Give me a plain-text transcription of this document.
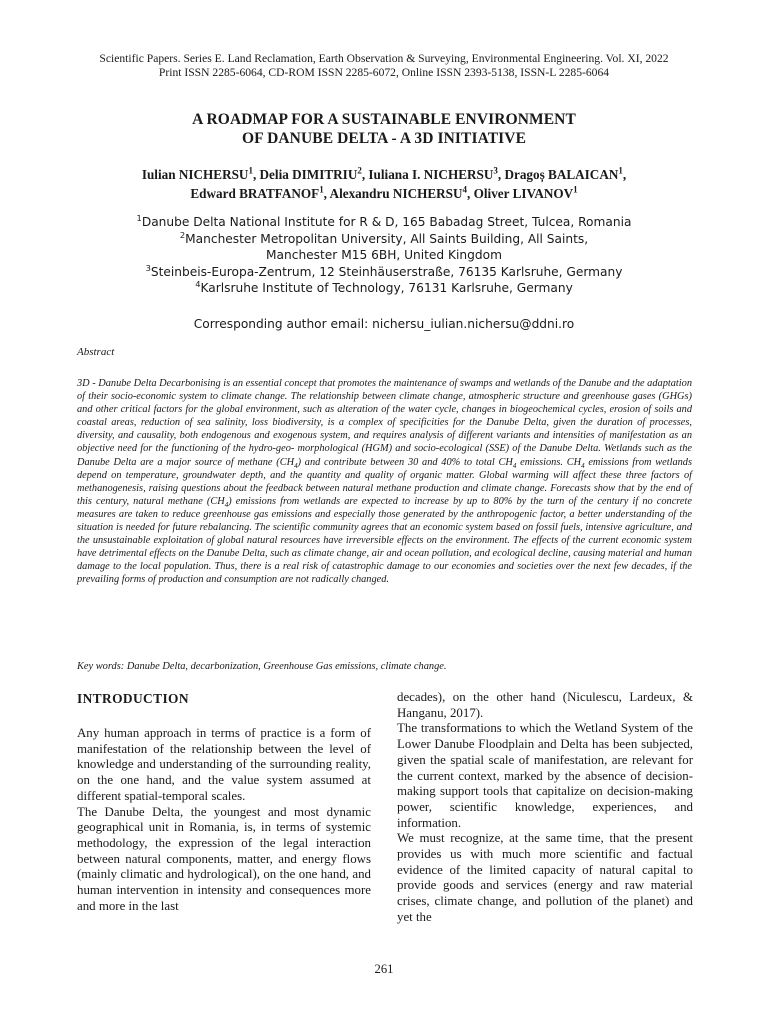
Scientific Papers. Series E. Land Reclamation, Earth Observation & Surveying, Environmental Engineering. Vol. XI, 2022
Print ISSN 2285-6064, CD-ROM ISSN 2285-6072, Online ISSN 2393-5138, ISSN-L 2285-6064
A ROADMAP FOR A SUSTAINABLE ENVIRONMENT
OF DANUBE DELTA - A 3D INITIATIVE
Iulian NICHERSU$^1$, Delia DIMITRIU$^2$, Iuliana I. NICHERSU$^3$, Dragoș BALAICAN$^1$,
Edward BRATFANOF$^1$, Alexandru NICHERSU$^4$, Oliver LIVANOV$^1$
$^1$Danube Delta National Institute for R & D, 165 Babadag Street, Tulcea, Romania
$^2$Manchester Metropolitan University, All Saints Building, All Saints,
Manchester M15 6BH, United Kingdom
$^3$Steinbeis-Europa-Zentrum, 12 Steinhäuserstraße, 76135 Karlsruhe, Germany
$^4$Karlsruhe Institute of Technology, 76131 Karlsruhe, Germany
Corresponding author email: nichersu_iulian.nichersu@ddni.ro
Abstract

3D - Danube Delta Decarbonising is an essential concept that promotes the maintenance of swamps and wetlands of the Danube and the adaptation of their socio-economic system to climate change. The relationship between climate change, atmospheric structure and greenhouse gases (GHGs) and other critical factors for the global environment, such as alteration of the water cycle, changes in biogeochemical cycles, erosion of soils and coastal areas, reduction of sea salinity, loss biodiversity, is a complex of specificities for the Danube Delta, given the duration of processes, diversity, and causality, both endogenous and exogenous system, and requires analysis of different variants and intensities of manifestation as an objective need for the functioning of the hydro-geo- morphological (HGM) and socio-ecological (SSE) of the Danube Delta. Wetlands such as the Danube Delta are a major source of methane $(CH_4)$ and contribute between 30 and 40% to total $CH_4$ emissions. $CH_4$ emissions from wetlands depend on temperature, groundwater depth, and the quantity and quality of organic matter. Global warming will affect these three factors of methanogenesis, raising questions about the feedback between natural methane production and climate change. Forecasts show that by the end of this century, natural methane $(CH_4)$ emissions from wetlands are expected to increase by up to 80% by the turn of the century if no concrete measures are taken to reduce greenhouse gas emissions and especially those generated by the anthropogenic factor, a better understanding of the situation is needed for future rebalancing. The scientific community agrees that an economic system based on fossil fuels, intensive agriculture, and the unsustainable exploitation of global natural resources have irreversible effects on the environment. The effects of the current economic system have detrimental effects on the Danube Delta, such as climate change, air and ocean pollution, and ecological decline, causing material and human damage to the local population. Thus, there is a real risk of catastrophic damage to our economies and societies over the next few decades, if the prevailing forms of production and consumption are not radically changed.

Key words: Danube Delta, decarbonization, Greenhouse Gas emissions, climate change.
INTRODUCTION

Any human approach in terms of practice is a form of manifestation of the relationship between the level of knowledge and understanding of the surrounding reality, on the one hand, and the value system assumed at different spatial-temporal scales.

The Danube Delta, the youngest and most dynamic geographical unit in Romania, is, in terms of systemic methodology, the expression of the legal interaction between natural components, matter, and energy flows (mainly climatic and hydrological), on the one hand, and human intervention in intensity and consequences more and more in the last

decades), on the other hand (Niculescu, Lardeux, & Hanganu, 2017).

The transformations to which the Wetland System of the Lower Danube Floodplain and Delta has been subjected, given the spatial scale of manifestation, are relevant for the current context, marked by the absence of decision-making support tools that capitalize on decision-making power, scientific knowledge, experiences, and information.

We must recognize, at the same time, that the present provides us with much more scientific and factual evidence of the limited capacity of natural capital to provide goods and services (energy and raw material crises, climate change, and pollution of the planet) and yet the

261
